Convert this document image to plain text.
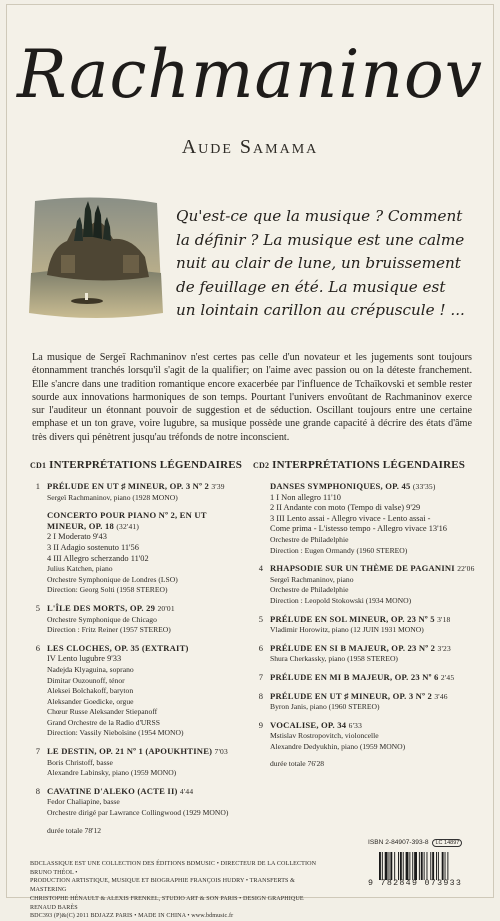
Rachmaninov
Aude Samama
Qu'est-ce que la musique ? Comment
la définir ? La musique est une calme
nuit au clair de lune, un bruissement
de feuillage en été. La musique est
un lointain carillon au crépuscule ! ...
La musique de Sergeï Rachmaninov n'est certes pas celle d'un novateur et les jugements sont toujours étonnamment tranchés lorsqu'il s'agit de la qualifier; on l'aime avec passion ou on la déteste franchement. Elle s'ancre dans une tradition romantique encore exacerbée par l'influence de Tchaïkovski et semble rester sourde aux innovations harmoniques de son temps. Pourtant l'univers envoûtant de Rachmaninov exerce sur l'auditeur un étonnant pouvoir de suggestion et de séduction. Oscillant toujours entre une certaine emphase et un ton grave, voire lugubre, sa musique possède une grande capacité à décrire des états d'âme très divers qui pénètrent jusqu'au tréfonds de notre inconscient.
CD1 INTERPRÉTATIONS LÉGENDAIRES
1 PRÉLUDE EN UT ♯ MINEUR, OP. 3 Nº 2 3'39
Sergeï Rachmaninov, piano (1928 MONO)
CONCERTO POUR PIANO Nº 2, EN UT MINEUR, OP. 18 (32'41)
2 I Moderato 9'43
3 II Adagio sostenuto 11'56
4 III Allegro scherzando 11'02
Julius Katchen, piano
Orchestre Symphonique de Londres (LSO)
Direction: Georg Solti (1958 STEREO)
5 L'ÎLE DES MORTS, OP. 29 20'01
Orchestre Symphonique de Chicago
Direction : Fritz Reiner (1957 STEREO)
6 LES CLOCHES, OP. 35 (EXTRAIT)
IV Lento lugubre 9'33
Nadejda Klyaguina, soprano
Dimitar Ouzounoff, ténor
Aleksei Bolchakoff, baryton
Aleksander Goedicke, orgue
Chœur Russe Aleksander Stiepanoff
Grand Orchestre de la Radio d'URSS
Direction: Vassily Nieboïsine (1954 MONO)
7 LE DESTIN, OP. 21 Nº 1 (APOUKHTINE) 7'03
Boris Christoff, basse
Alexandre Labinsky, piano (1959 MONO)
8 CAVATINE D'ALEKO (ACTE II) 4'44
Fedor Chaliapine, basse
Orchestre dirigé par Lawrance Collingwood (1929 MONO)
durée totale 78'12
CD2 INTERPRÉTATIONS LÉGENDAIRES
DANSES SYMPHONIQUES, OP. 45 (33'35)
1 I Non allegro 11'10
2 II Andante con moto (Tempo di valse) 9'29
3 III Lento assai - Allegro vivace - Lento assai -
Come prima - L'istesso tempo - Allegro vivace 13'16
Orchestre de Philadelphie
Direction : Eugen Ormandy (1960 STEREO)
4 RHAPSODIE SUR UN THÈME DE PAGANINI 22'06
Sergeï Rachmaninov, piano
Orchestre de Philadelphie
Direction : Leopold Stokowski (1934 MONO)
5 PRÉLUDE EN SOL MINEUR, OP. 23 Nº 5 3'18
Vladimir Horowitz, piano (12 JUIN 1931 MONO)
6 PRÉLUDE EN SI B MAJEUR, OP. 23 Nº 2 3'23
Shura Cherkassky, piano (1958 STEREO)
7 PRÉLUDE EN MI B MAJEUR, OP. 23 Nº 6 2'45
8 PRÉLUDE EN UT ♯ MINEUR, OP. 3 Nº 2 3'46
Byron Janis, piano (1960 STEREO)
9 VOCALISE, OP. 34 6'33
Mstislav Rostropovitch, violoncelle
Alexandre Dedyukhin, piano (1959 MONO)
durée totale 76'28
BDCLASSIQUE EST UNE COLLECTION DES ÉDITIONS BDMUSIC • DIRECTEUR DE LA COLLECTION BRUNO THÉOL •
PRODUCTION ARTISTIQUE, MUSIQUE ET BIOGRAPHIE FRANÇOIS HUDRY • TRANSFERTS & MASTERING
CHRISTOPHE HÉNAULT & ALEXIS FRENKEL, STUDIO ART & SON PARIS • DESIGN GRAPHIQUE RENAUD BARÈS
BDC393 (P)&(C) 2011 BDJAZZ PARIS • MADE IN CHINA • www.bdmusic.fr
ISBN 2-84907-393-8 LC 14897
9 782849 073933
